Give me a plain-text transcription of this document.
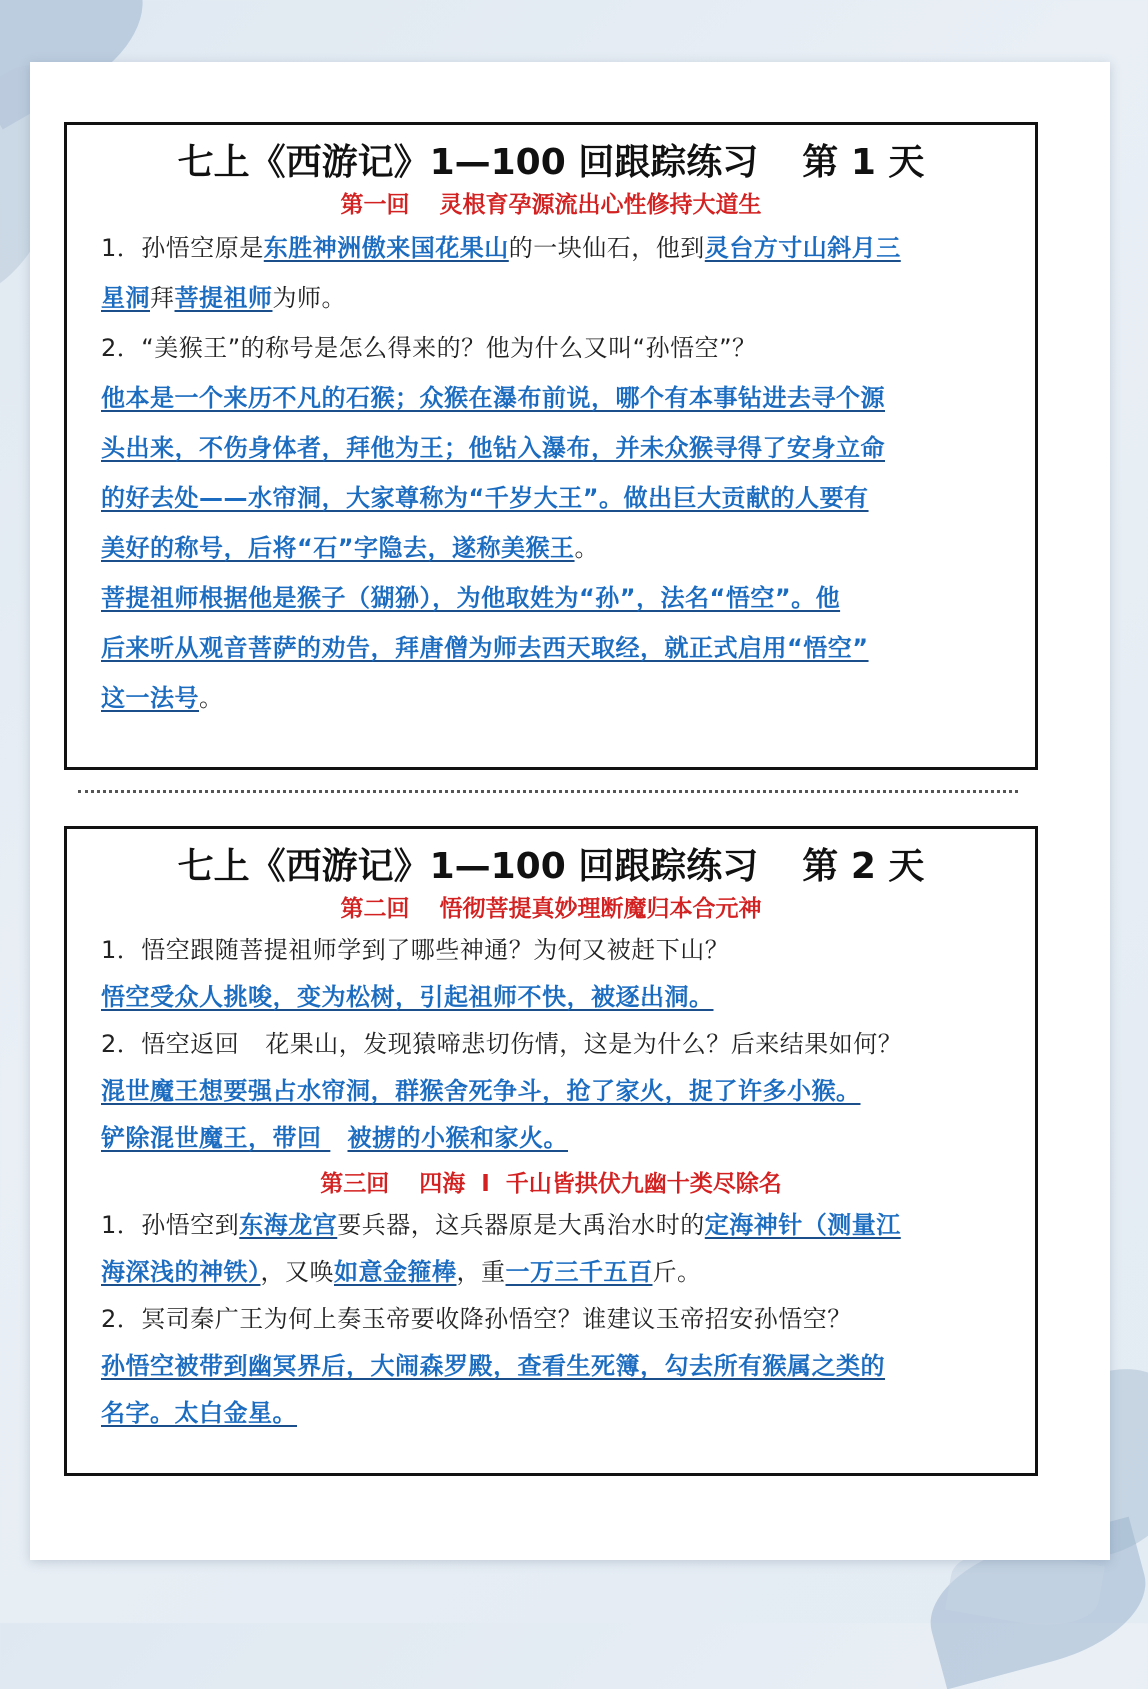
七上《西游记》1—100 回跟踪练习 第 1 天
第一回 灵根育孕源流出心性修持大道生
1．孙悟空原是东胜神洲傲来国花果山的一块仙石，他到灵台方寸山斜月三
星洞拜菩提祖师为师。
2．“美猴王”的称号是怎么得来的？他为什么又叫“孙悟空”？
他本是一个来历不凡的石猴；众猴在瀑布前说，哪个有本事钻进去寻个源
头出来，不伤身体者，拜他为王；他钻入瀑布，并未众猴寻得了安身立命
的好去处——水帘洞，大家尊称为“千岁大王”。做出巨大贡献的人要有
美好的称号，后将“石”字隐去，遂称美猴王。
菩提祖师根据他是猴子（猢狲），为他取姓为“孙”，法名“悟空”。他
后来听从观音菩萨的劝告，拜唐僧为师去西天取经，就正式启用“悟空”
这一法号。
七上《西游记》1—100 回跟踪练习 第 2 天
第二回 悟彻菩提真妙理断魔归本合元神
1．悟空跟随菩提祖师学到了哪些神通？为何又被赶下山？
悟空受众人挑唆，变为松树，引起祖师不快，被逐出洞。
2．悟空返回 花果山，发现猿啼悲切伤情，这是为什么？后来结果如何？
混世魔王想要强占水帘洞，群猴舍死争斗，抢了家火，捉了许多小猴。
铲除混世魔王，带回 被掳的小猴和家火。
第三回 四海 I 千山皆拱伏九幽十类尽除名
1．孙悟空到东海龙宫要兵器，这兵器原是大禹治水时的定海神针（测量江
海深浅的神铁），又唤如意金箍棒，重一万三千五百斤。
2．冥司秦广王为何上奏玉帝要收降孙悟空？谁建议玉帝招安孙悟空？
孙悟空被带到幽冥界后，大闹森罗殿，查看生死簿，勾去所有猴属之类的
名字。太白金星。
